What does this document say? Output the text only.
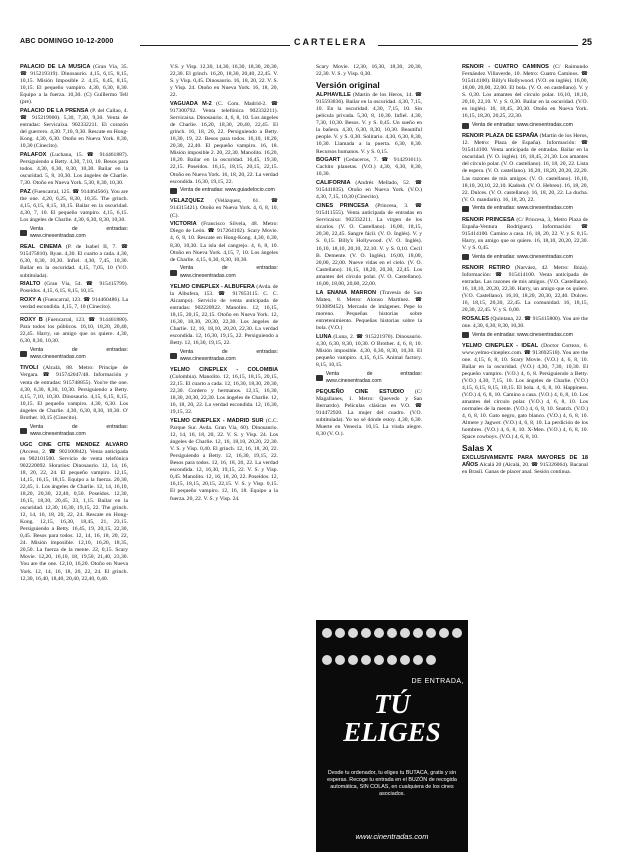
ABC DOMINGO 10-12-2000	CARTELERA	25

PALACIO DE LA MUSICA (Gran Vía, 35. ☎ 915219319). Dinosaurio. 4,15, 6,15, 8,15, 10,15. Misión Imposible 2. 4,15, 6,45, 8,15, 10,15. El pequeño vampiro. 4,30, 6,30, 8,30. Equipo a la fuerza. 10,30. (C) Guillermo Tell (pre).

PALACIO DE LA PRENSA (P. del Callao, 4. ☎ 915219900). 5,30, 7,30, 9,30. Venta de entradas: Servicaixa. 902332211. El corazón del guerrero. 4,30. 7,10, 9,30. Rescate en Hong-Kong. 4,30, 6,30. Otoño en Nueva York. 8,30, 10,30 (Cinecito).

PALAFOX (Luchana, 15. ☎ 914461887). Persiguiendo a Betty. 4,30, 7,10, 10. Besos para todos. 4,30, 6,30, 8,30, 10,30. Bailar en la oscuridad. 5, 8, 10,30. Los ángeles de Charlie. 7,30. Otoño en Nueva York. 5,30, 8,30, 10,30.

PAZ (Fuencarral, 125. ☎ 914464566). You are the one. 4,20, 6,25, 8,30, 10,35. The grinch. 4,15, 6,15, 8,15, 10,15. Bailar en la oscuridad. 4,30, 7, 10. El pequeño vampiro. 4,15, 6,15. Los ángeles de Charlie. 4,30, 6,30, 8,30, 10,30.

Venta de entradas: www.cinesentradas.com

REAL CINEMA (P. de Isabel II, 7. ☎ 915475810). Ryan. 4,30. El cuarto a cada. 4,30, 6,30, 8,30, 10,30. Infiel. 4,30, 7,45, 10,30. Bailar en la oscuridad. 4,15, 7,05, 10 (V.O. subtitulada).

RIALTO (Gran Vía, 54. ☎ 915415799). Poseídos. 4,15, 6,15, 8,15, 10,15.

ROXY A (Fuencarral, 123. ☎ 914460486). La verdad escondida. 4,15, 7, 10 (Cinecito).

ROXY B (Fuencarral, 123. ☎ 914461880). Para todos los públicos. 16,10, 18,20, 20,40, 22,45. Harry, un amigo que os quiere. 4,30, 6,30, 8,30, 10,30.

Venta de entradas: www.cinesentradas.com

TIVOLI (Alcalá, 88. Metro: Príncipe de Vergara. ☎ 915742047/48. Información y venta de entradas: 915748855). You're the one. 4,30, 6,30, 8,30, 10,30. Persiguiendo a Betty. 4,15, 7,10, 10,30. Dinosaurio. 4,15, 6,15, 8,15, 10,15. El pequeño vampiro. 4,30, 6,30. Los ángeles de Charlie. 4,30, 6,30, 8,30, 10,30. O' Brother. 10,15 (Cinecito).

Venta de entradas: www.cinesentradas.com

UGC CINE CITE MENDEZ ALVARO (Acceso, 2. ☎ 902100842). Venta anticipada en 902101500. Servicio de venta telefónica 902220092. Horarios: Dinosaurio. 12, 14, 16, 18, 20, 22, 24. El pequeño vampiro. 12,15, 14,15, 16,15, 18,15. Equipo a la fuerza. 20,30, 22,45, 1. Los ángeles de Charlie. 12, 14, 16,10, 18,20, 20,30, 22,40, 0,50. Poseídos. 12,30, 16,15, 18,30, 20,45, 23, 1,15. Bailar en la oscuridad. 12,30, 16,30, 19,15, 22. The grinch. 12, 14, 16, 18, 20, 22, 24. Rescate en Hong-Kong. 12,15, 16,30, 18,45, 21, 23,15. Persiguiendo a Betty. 16,45, 19, 20,15, 22,30, 0,45. Besos para todos. 12, 14, 16, 18, 20, 22, 24. Misión imposible. 12,10, 16,20, 18,35, 20,50. La fuerza de la mente. 22, 0,15. Scary Movie. 12,20, 16,10, 18, 19,50, 21,40, 23,30. You are the one. 12,10, 16,20. Otoño en Nueva York. 12, 14, 16, 18, 20, 22, 24. El grinch. 12,30, 16,40, 18,40, 20,40, 22,40, 0,40.

V.S. y Visp. 12,30, 14,30, 16,30, 18,30, 20,30, 22,30. El grinch. 16,20, 18,30, 20,40, 22,45. V. S. y Visp. 0,45. Dinosaurio. 16, 18, 20, 22. V. S. y Visp. 24. Otoño en Nueva York. 16, 18, 20, 22.

VAGUADA M-2 (C. Com. Madrid-2. ☎ 917300792. Venta telefónica 902332211). Servicaixa. Dinosaurio. 4, 6, 8, 10. Los ángeles de Charlie. 16,20, 18,30, 20,40, 22,45. El grinch. 16, 18, 20, 22. Persiguiendo a Betty. 16,30, 19, 22. Besos para todos. 16,10, 18,20, 20,30, 22,40. El pequeño vampiro. 16, 18. Misión imposible 2. 20, 22,30. Manolito. 16,20, 18,20. Bailar en la oscuridad. 16,45, 19,30, 22,15. Poseídos. 16,15, 18,15, 20,15, 22,15. Otoño en Nueva York. 16, 18, 20, 22. La verdad escondida. 16,30, 19,15, 22.

Venta de entradas: www.guiadelocio.com

VELAZQUEZ (Velázquez, 61. ☎ 914315421). Otoño en Nueva York. 4, 6, 8, 10, (C).

VICTORIA (Francisco Silvela, 48. Metro: Diego de León. ☎ 917264102). Scary Movie. 4, 6, 8, 10. Rescate en Hong-Kong. 4,30, 6,30, 8,30, 10,30. La isla del cangrejo. 4, 6, 8, 10. Otoño en Nueva York. 4,15, 7, 10. Los ángeles de Charlie. 4,15, 6,30, 8,30, 10,30.

Venta de entradas: www.cinesentradas.com

YELMO CINEPLEX - ALBUFERA (Avda. de la Albufera, 153. ☎ 917853115. C. C. Alcampo). Servicio de venta anticipada de entradas: 902220922. Manolito. 12, 16,15, 18,15, 20,15, 22,15. Otoño en Nueva York. 12, 16,30, 18,30, 20,30, 22,30. Los ángeles de Charlie. 12, 16, 18,10, 20,20, 22,30. La verdad escondida. 12, 16,30, 19,15, 22. Persiguiendo a Betty. 12, 16,30, 19,15, 22.

Venta de entradas: www.cinesentradas.com

YELMO CINEPLEX - COLOMBIA (Colombia). Manolito. 12, 16,15, 18,15, 20,15, 22,15. El cuarto a cada. 12, 16,30, 18,30, 20,30, 22,30. Cordero y hermanos. 12,15, 16,30, 18,30, 20,30, 22,30. Los ángeles de Charlie. 12, 16, 18, 20, 22. La verdad escondida. 12, 16,30, 19,15, 22.

YELMO CINEPLEX - MADRID SUR (C.C. Parque Sur. Avda. Gran Vía, 60). Dinosaurio. 12, 14, 16, 18, 20, 22. V. S. y Visp. 24. Los ángeles de Charlie. 12, 16, 18,10, 20,20, 22,30. V. S. y Visp. 0,40. El grinch. 12, 16, 18, 20, 22. Persiguiendo a Betty. 12, 16,30, 19,15, 22. Besos para todos. 12, 16, 18, 20, 22. La verdad escondida. 12, 16,30, 19,15, 22. V. S. y Visp. 0,45. Manolito. 12, 16, 18, 20, 22. Poseídos. 12, 16,15, 18,15, 20,15, 22,15. V. S. y Visp. 0,15. El pequeño vampiro. 12, 16, 18. Equipo a la fuerza. 20, 22. V. S. y Visp. 24.

Scary Movie. 12,30, 16,30, 18,30, 20,30, 22,30. V. S. y Visp. 0,30.

Versión original

ALPHAVILLE (Martín de los Heros, 14. ☎ 915593836). Bailar en la oscuridad. 4,30, 7,15, 10. En la oscuridad. 4,30, 7,15, 10. Sin película privada. 5,30, 8, 10,30. Infiel. 4,30, 7,30, 10,30. Besos. V. y S. 0,45. Un sueño en la bañera. 4,30, 6,30, 8,30, 10,30. Beautiful people. V. y S. 0,30. Solitario. 4,30, 6,30, 8,30, 10,30. Llamada a la puerta. 6,30, 8,30. Recursos humanos. V. y S. 0,15.

BOGART (Cedaceros, 7. ☎ 914291611). Cachito planetas. (V.O.) 4,30, 6,30, 8,30, 10,30.

CALIFORNIA (Andrés Mellado, 52. ☎ 915441835). Otoño en Nueva York. (V.O.) 4,30, 7,15, 10,30 (Cinecito).

CINES PRINCESA (Princesa, 3. ☎ 915411555). Venta anticipada de entradas en Servicaixa: 902332211. La virgen de los sicarios. (V. O. Castellano). 16,00, 18,15, 20,30, 22,45. Sangre fácil. (V. O. Inglés). V. y S. 0,15. Billy's Hollywood. (V. O. Inglés). 16,10, 18,10, 20,10, 22,10. V. y S. 0,10. Cecil B. Demente. (V. O. Inglés). 16,00, 18,00, 20,00, 22,00. Nueve vidas en el cielo. (V. O. Castellano). 16,15, 18,20, 20,30, 22,45. Los amantes del círculo polar. (V. O. Castellano). 16,00, 18,00, 20,00, 22,00.

LA ENANA MARRON (Travesía de San Mateo, 8. Metro: Alonso Martínez. ☎ 913089452). Mercado de imágenes. Pepe lo moreno. Pequeñas historias sobre entretenimiento. Pequeñas historias sobre la bola. (V.O.)

LUNA (Luna, 2. ☎ 915221970). Dinosaurio. 4,30, 6,30, 8,30, 10,30. O Brother. 4, 6, 8, 10. Misión imposible. 4,30, 6,30, 8,30, 10,30. El pequeño vampiro. 4,15, 6,15. Animal factory. 8,15, 10,15.

Venta de entradas: www.cinesentradas.com

PEQUEÑO CINE ESTUDIO (C/ Magallanes, 1. Metro: Quevedo y San Bernardo). Películas clásicas en V.O. ☎ 914472920. La mujer del cuadro. (V.O. subtitulada). Yo no sé dónde estoy. 4,30, 6,30. Muerte en Venecia. 10,15. La viuda alegre. 8,30 (V. O.).

RENOIR - CUATRO CAMINOS (C/ Raimundo Fernández Villaverde, 10. Metro: Cuatro Caminos. ☎ 915414100). Billy's Hollywood. (V.O. en inglés). 16,00, 18,00, 20,00, 22,00. El bola. (V. O. en castellano). V. y S. 0,30. Los amantes del círculo polar. 16,10, 18,10, 20,10, 22,10. V. y S. 0,30. Bailar en la oscuridad. (V.O. en inglés). 16, 18,45, 20,30. Otoño en Nueva York. 16,15, 18,20, 20,25, 22,30.

Venta de entradas: www.cinesentradas.com

RENOIR PLAZA DE ESPAÑA (Martín de los Heros, 12. Metro: Plaza de España). Información: ☎ 915414100. Venta anticipada de entradas. Bailar en la oscuridad. (V. O. inglés). 16, 18,45, 21,30. Los amantes del círculo polar. (V. O. castellano). 16, 18, 20, 22. Lista de espera. (V. O. castellano). 16,20, 18,20, 20,20, 22,20. Las razones de mis amigos. (V. O. castellano). 16,10, 18,10, 20,10, 22,10. Kadosh. (V. O. Hebreo). 16, 18, 20, 22. Dulces. (V. O. castellano). 16, 18, 20, 22. La ducha. (V. O. mandarín). 16, 18, 20, 22.

Venta de entradas: www.cinesentradas.com

RENOIR PRINCESA (C/ Princesa, 3, Metro Plaza de España-Ventura Rodríguez). Información: ☎ 915414100. Camino a casa. 16, 18, 20, 22. V. y S. 0,15. Harry, un amigo que os quiere. 16, 18,10, 20,20, 22,30. V. y S. 0,45.

Venta de entradas: www.cinesentradas.com

RENOIR RETIRO (Narváez, 42. Metro: Ibiza). Información: ☎ 915414100. Venta anticipada de entradas. Las razones de mis amigos. (V.O. Castellano). 16, 18,10, 20,20, 22,30. Harry, un amigo que os quiere. (V.O. Castellano). 16,10, 18,20, 20,30, 22,40. Dulces. 16, 18,15, 20,30, 22,45. La comunidad. 16, 18,15, 20,30, 22,45. V. y S. 0,00.

ROSALES (Quintana, 22. ☎ 915415800). You are the one. 4,30, 6,30, 8,30, 10,30.

Venta de entradas: www.cinesentradas.com

YELMO CINEPLEX - IDEAL (Doctor Cortezo, 6. www.yelmo-cineplex.com. ☎ 913692518). You are the one. 4,15, 6, 8, 10. Scary Movie. (V.O.) 4, 6, 8, 10. Bailar en la oscuridad. (V.O.) 4,30, 7,30, 10,30. El pequeño vampiro. (V.O.) 4, 6, 8. Persiguiendo a Betty. (V.O.) 4,30, 7,15, 10. Los ángeles de Charlie. (V.O.) 4,15, 6,15, 8,15, 10,15. El bola. 4, 6, 8, 10. Happiness. (V.O.) 4, 6, 8, 10. Camino a casa. (V.O.) 4, 6, 8, 10. Los amantes del círculo polar. (V.O.) 4, 6, 8, 10. Los normales de la mente. (V.O.) 4, 6, 8, 10. Snatch. (V.O.) 4, 6, 8, 10. Gato negro, gato blanco. (V.O.) 4, 6, 8, 10. Almere y Jagwer. (V.O.) 4, 6, 8, 10. La perdición de los hombres. (V.O.) 4, 6, 8, 10. X-Men. (V.O.) 4, 6, 8, 10. Space cowboys. (V.O.) 4, 6, 8, 10.

Salas X

EXCLUSIVAMENTE PARA MAYORES DE 18 AÑOS Alcalá 20 (Alcalá, 20. ☎ 915326064). Bacanal en Brasil. Ganas de placer anal. Sesión continua.

DE ENTRADA,
TÚ ELIGES
Desde tu ordenador, tu eliges tu BUTACA, gratis y sin esperas. Recoge tu entrada en el BUZÓN de recogida automática, SIN COLAS, en cualquiera de los cines asociados.
www.cinentradas.com
